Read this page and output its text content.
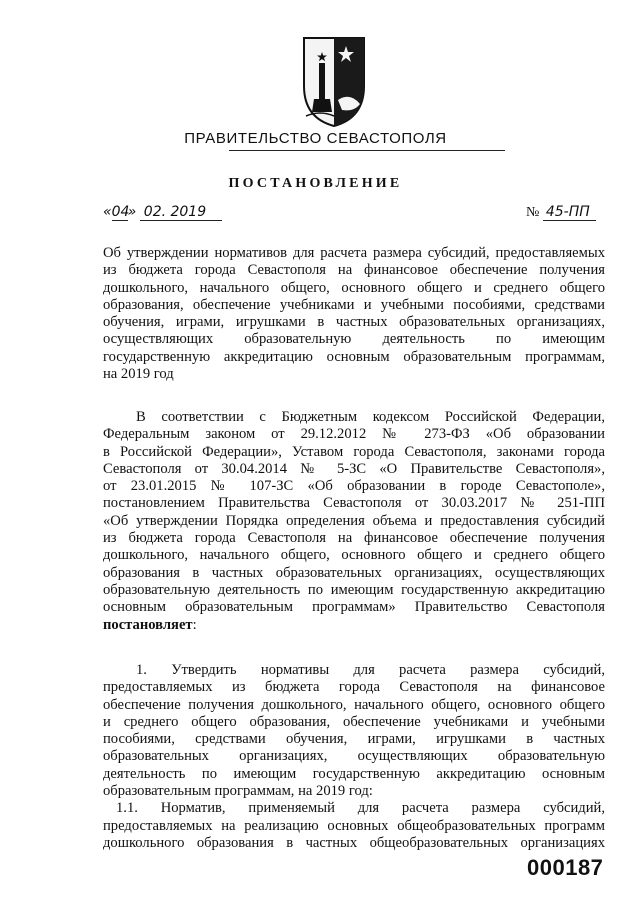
ПРАВИТЕЛЬСТВО СЕВАСТОПОЛЯ
ПОСТАНОВЛЕНИЕ
«04» 02. 2019	№ 45-ПП
Об утверждении нормативов для расчета размера субсидий, предоставляемых
из бюджета города Севастополя на финансовое обеспечение получения
дошкольного, начального общего, основного общего и среднего общего
образования, обеспечение учебниками и учебными пособиями, средствами
обучения, играми, игрушками в частных образовательных организациях,
осуществляющих образовательную деятельность по имеющим
государственную аккредитацию основным образовательным программам,
на 2019 год
В соответствии с Бюджетным кодексом Российской Федерации,
Федеральным законом от 29.12.2012 № 273-ФЗ «Об образовании
в Российской Федерации», Уставом города Севастополя, законами города
Севастополя от 30.04.2014 № 5-ЗС «О Правительстве Севастополя»,
от 23.01.2015 № 107-ЗС «Об образовании в городе Севастополе»,
постановлением Правительства Севастополя от 30.03.2017 № 251-ПП
«Об утверждении Порядка определения объема и предоставления субсидий
из бюджета города Севастополя на финансовое обеспечение получения
дошкольного, начального общего, основного общего и среднего общего
образования в частных образовательных организациях, осуществляющих
образовательную деятельность по имеющим государственную аккредитацию
основным образовательным программам» Правительство Севастополя
постановляет:
1. Утвердить нормативы для расчета размера субсидий,
предоставляемых из бюджета города Севастополя на финансовое
обеспечение получения дошкольного, начального общего, основного общего
и среднего общего образования, обеспечение учебниками и учебными
пособиями, средствами обучения, играми, игрушками в частных
образовательных организациях, осуществляющих образовательную
деятельность по имеющим государственную аккредитацию основным
образовательным программам, на 2019 год:
1.1. Норматив, применяемый для расчета размера субсидий,
предоставляемых на реализацию основных общеобразовательных программ
дошкольного образования в частных общеобразовательных организациях
000187
